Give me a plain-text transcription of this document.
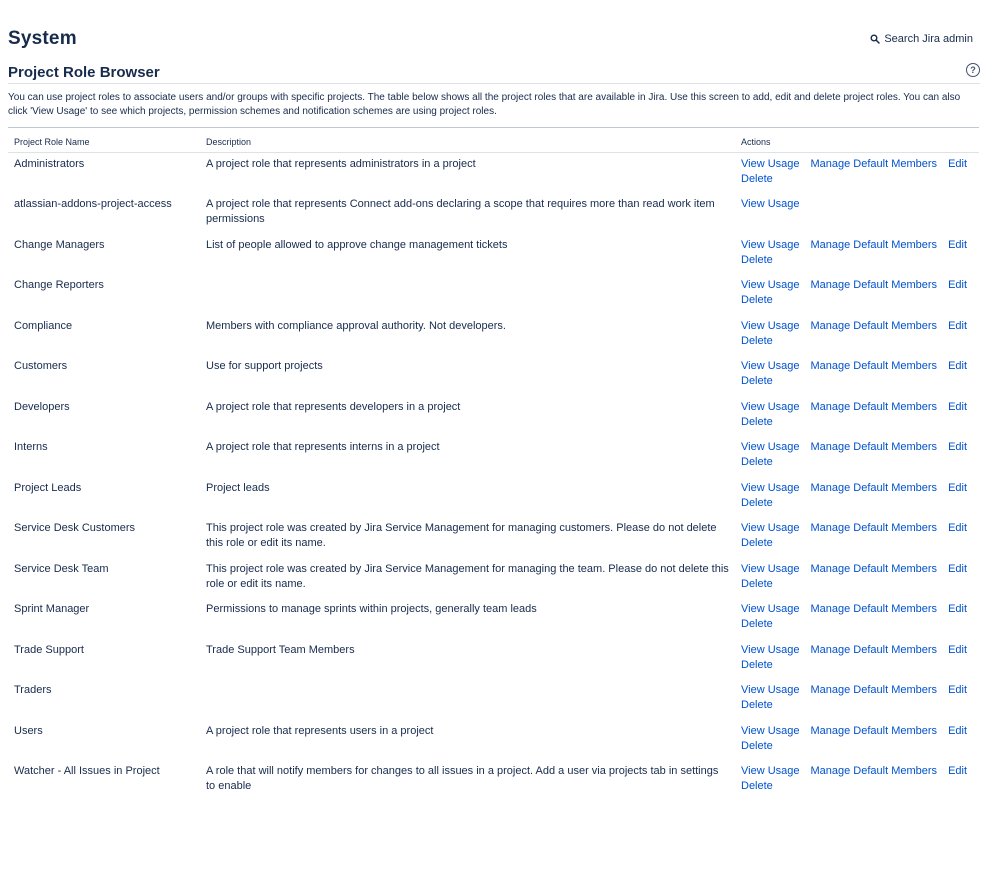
System	Search Jira admin
Project Role Browser	?
You can use project roles to associate users and/or groups with specific projects. The table below shows all the project roles that are available in Jira. Use this screen to add, edit and delete project roles. You can also click 'View Usage' to see which projects, permission schemes and notification schemes are using project roles.
Project Role Name	Description	Actions
Administrators	A project role that represents administrators in a project	View Usage Manage Default Members Edit
Delete

atlassian-addons-project-access	A project role that represents Connect add-ons declaring a scope that requires more than read work item permissions	View Usage

Change Managers	List of people allowed to approve change management tickets	View Usage Manage Default Members Edit
Delete

Change Reporters		View Usage Manage Default Members Edit
Delete

Compliance	Members with compliance approval authority. Not developers.	View Usage Manage Default Members Edit
Delete

Customers	Use for support projects	View Usage Manage Default Members Edit
Delete

Developers	A project role that represents developers in a project	View Usage Manage Default Members Edit
Delete

Interns	A project role that represents interns in a project	View Usage Manage Default Members Edit
Delete

Project Leads	Project leads	View Usage Manage Default Members Edit
Delete

Service Desk Customers	This project role was created by Jira Service Management for managing customers. Please do not delete this role or edit its name.	View Usage Manage Default Members Edit
Delete

Service Desk Team	This project role was created by Jira Service Management for managing the team. Please do not delete this role or edit its name.	View Usage Manage Default Members Edit
Delete

Sprint Manager	Permissions to manage sprints within projects, generally team leads	View Usage Manage Default Members Edit
Delete

Trade Support	Trade Support Team Members	View Usage Manage Default Members Edit
Delete

Traders		View Usage Manage Default Members Edit
Delete

Users	A project role that represents users in a project	View Usage Manage Default Members Edit
Delete

Watcher - All Issues in Project	A role that will notify members for changes to all issues in a project. Add a user via projects tab in settings to enable	View Usage Manage Default Members Edit
Delete
